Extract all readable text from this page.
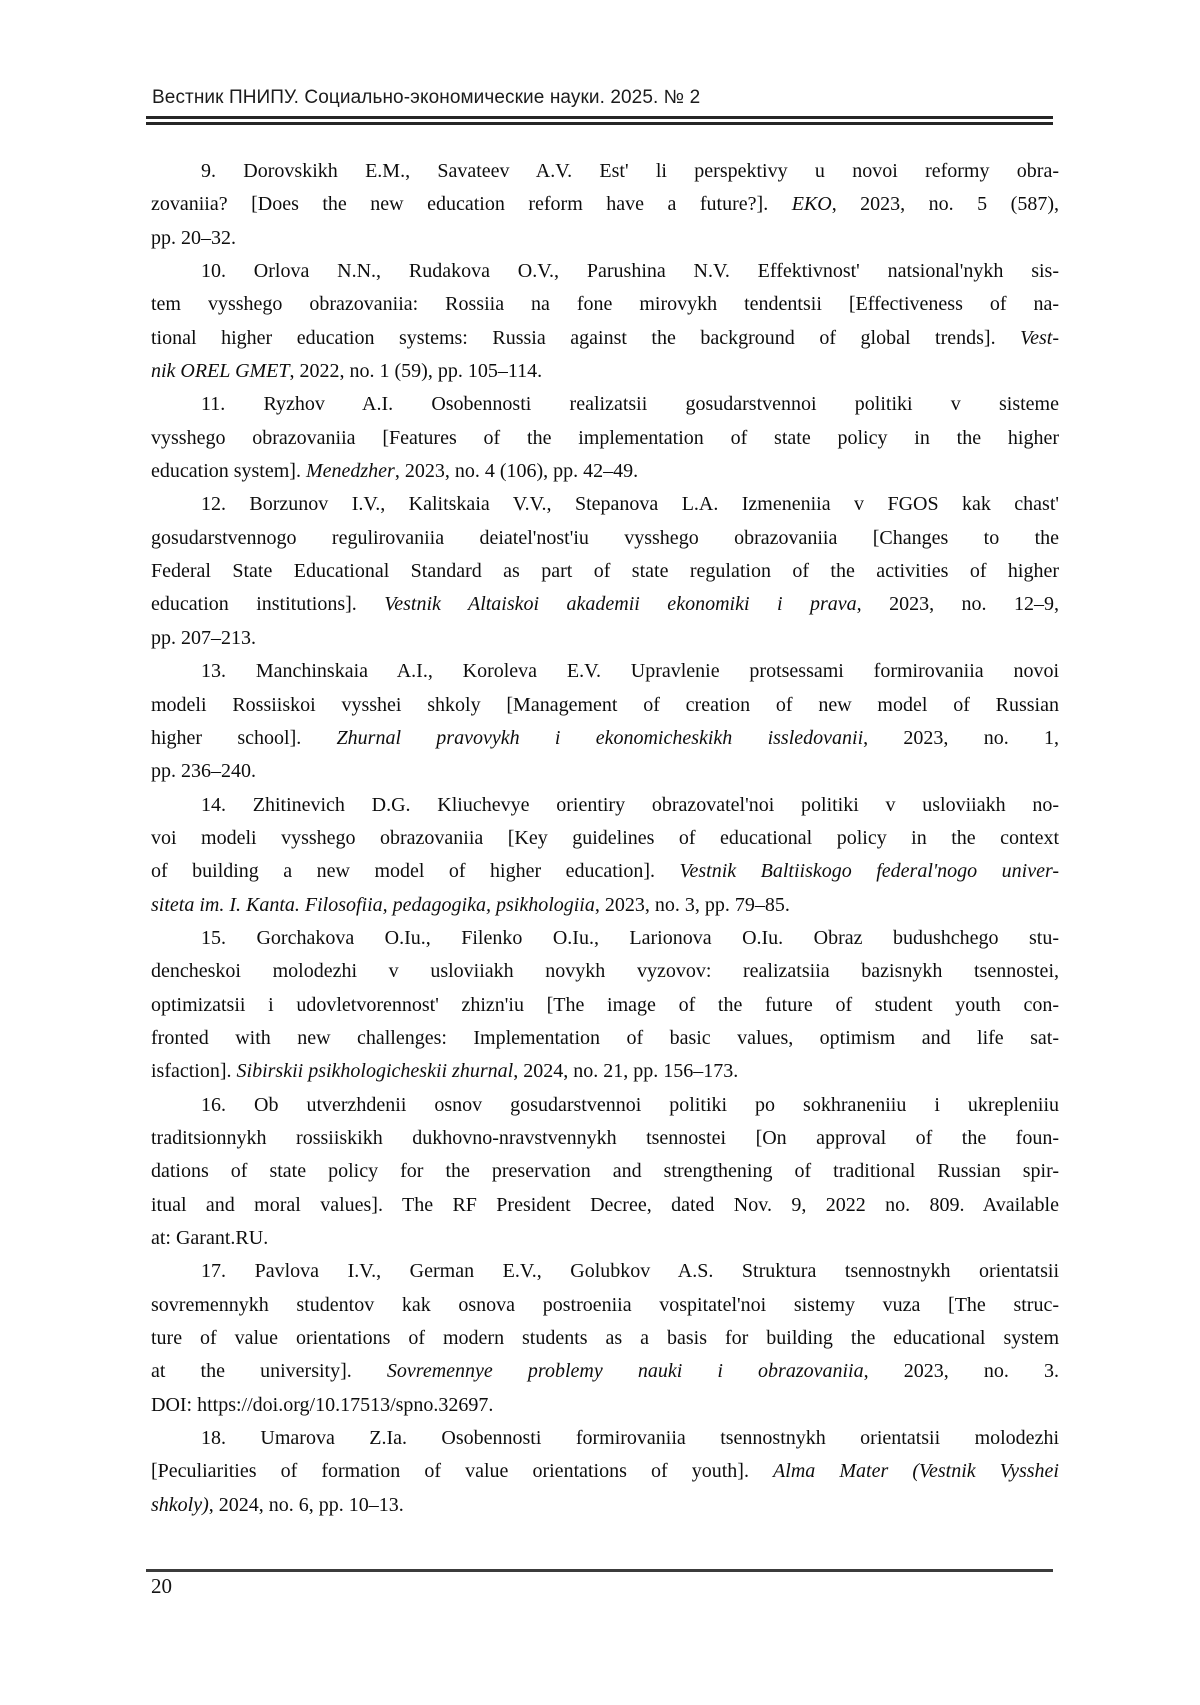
Вестник ПНИПУ. Социально-экономические науки. 2025. № 2
9. Dorovskikh E.M., Savateev A.V. Est' li perspektivy u novoi reformy obra-
zovaniia? [Does the new education reform have a future?]. EKO, 2023, no. 5 (587),
pp. 20–32.
10. Orlova N.N., Rudakova O.V., Parushina N.V. Effektivnost' natsional'nykh sis-
tem vysshego obrazovaniia: Rossiia na fone mirovykh tendentsii [Effectiveness of na-
tional higher education systems: Russia against the background of global trends]. Vest-
nik OREL GMET, 2022, no. 1 (59), pp. 105–114.
11. Ryzhov A.I. Osobennosti realizatsii gosudarstvennoi politiki v sisteme
vysshego obrazovaniia [Features of the implementation of state policy in the higher
education system]. Menedzher, 2023, no. 4 (106), pp. 42–49.
12. Borzunov I.V., Kalitskaia V.V., Stepanova L.A. Izmeneniia v FGOS kak chast'
gosudarstvennogo regulirovaniia deiatel'nost'iu vysshego obrazovaniia [Changes to the
Federal State Educational Standard as part of state regulation of the activities of higher
education institutions]. Vestnik Altaiskoi akademii ekonomiki i prava, 2023, no. 12–9,
pp. 207–213.
13. Manchinskaia A.I., Koroleva E.V. Upravlenie protsessami formirovaniia novoi
modeli Rossiiskoi vysshei shkoly [Management of creation of new model of Russian
higher school]. Zhurnal pravovykh i ekonomicheskikh issledovanii, 2023, no. 1,
pp. 236–240.
14. Zhitinevich D.G. Kliuchevye orientiry obrazovatel'noi politiki v usloviiakh no-
voi modeli vysshego obrazovaniia [Key guidelines of educational policy in the context
of building a new model of higher education]. Vestnik Baltiiskogo federal'nogo univer-
siteta im. I. Kanta. Filosofiia, pedagogika, psikhologiia, 2023, no. 3, pp. 79–85.
15. Gorchakova O.Iu., Filenko O.Iu., Larionova O.Iu. Obraz budushchego stu-
dencheskoi molodezhi v usloviiakh novykh vyzovov: realizatsiia bazisnykh tsennostei,
optimizatsii i udovletvorennost' zhizn'iu [The image of the future of student youth con-
fronted with new challenges: Implementation of basic values, optimism and life sat-
isfaction]. Sibirskii psikhologicheskii zhurnal, 2024, no. 21, pp. 156–173.
16. Ob utverzhdenii osnov gosudarstvennoi politiki po sokhraneniiu i ukrepleniiu
traditsionnykh rossiiskikh dukhovno-nravstvennykh tsennostei [On approval of the foun-
dations of state policy for the preservation and strengthening of traditional Russian spir-
itual and moral values]. The RF President Decree, dated Nov. 9, 2022 no. 809. Available
at: Garant.RU.
17. Pavlova I.V., German E.V., Golubkov A.S. Struktura tsennostnykh orientatsii
sovremennykh studentov kak osnova postroeniia vospitatel'noi sistemy vuza [The struc-
ture of value orientations of modern students as a basis for building the educational system
at the university]. Sovremennye problemy nauki i obrazovaniia, 2023, no. 3.
DOI: https://doi.org/10.17513/spno.32697.
18. Umarova Z.Ia. Osobennosti formirovaniia tsennostnykh orientatsii molodezhi
[Peculiarities of formation of value orientations of youth]. Alma Mater (Vestnik Vysshei
shkoly), 2024, no. 6, pp. 10–13.
20
